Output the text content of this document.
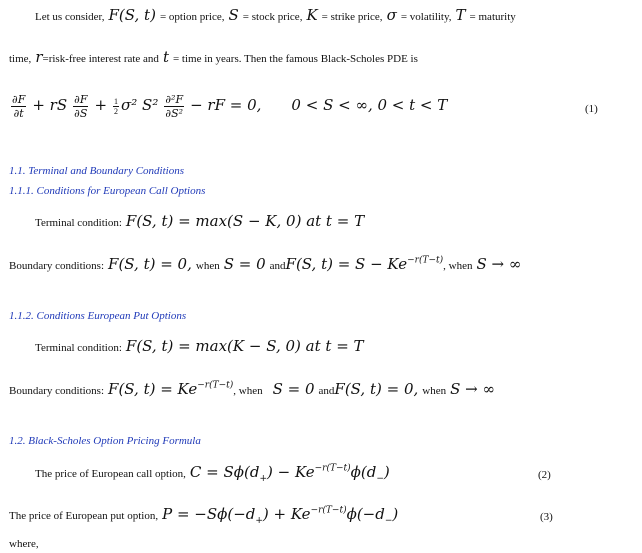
Let us consider, F(S, t) = option price, S = stock price, K = strike price, σ = volatility, T = maturity
time, r=risk-free interest rate and t = time in years. Then the famous Black-Scholes PDE is
$\frac{\partial F}{\partial t}$ + rS $\frac{\partial F}{\partial S} + \frac{1}{2} \sigma^2$ $S^2 \frac{\text{∂²F}}{\text{∂S²}}$ − rF = 0, 0 < S < ∞, 0 < t < T	(1)
1.1. Terminal and Boundary Conditions
1.1.1. Conditions for European Call Options
Terminal condition: F(S, t) = max(S − K, 0) at t = T
Boundary conditions: F(S, t) = 0, when S = 0 andF(S, $t) = S - Ke^{-r(T-t)}$, when S → ∞
1.1.2. Conditions European Put Options
Terminal condition: F(S, t) = max(K − S, 0) at t = T
Boundary conditions: F(S, $t) = Ke^{-r(T-t)}$, when S = 0 andF(S, t) = 0, when S → ∞
1.2. Black-Scholes Option Pricing Formula
The price of European call option, $C = S\phi(d_+) - Ke^{-r(T-t)}\phi(d_-)$	(2)
The price of European put option, $P = -S\phi(-d_+) + Ke^{-r(T-t)}\phi(-d_-)$	(3)
where,
